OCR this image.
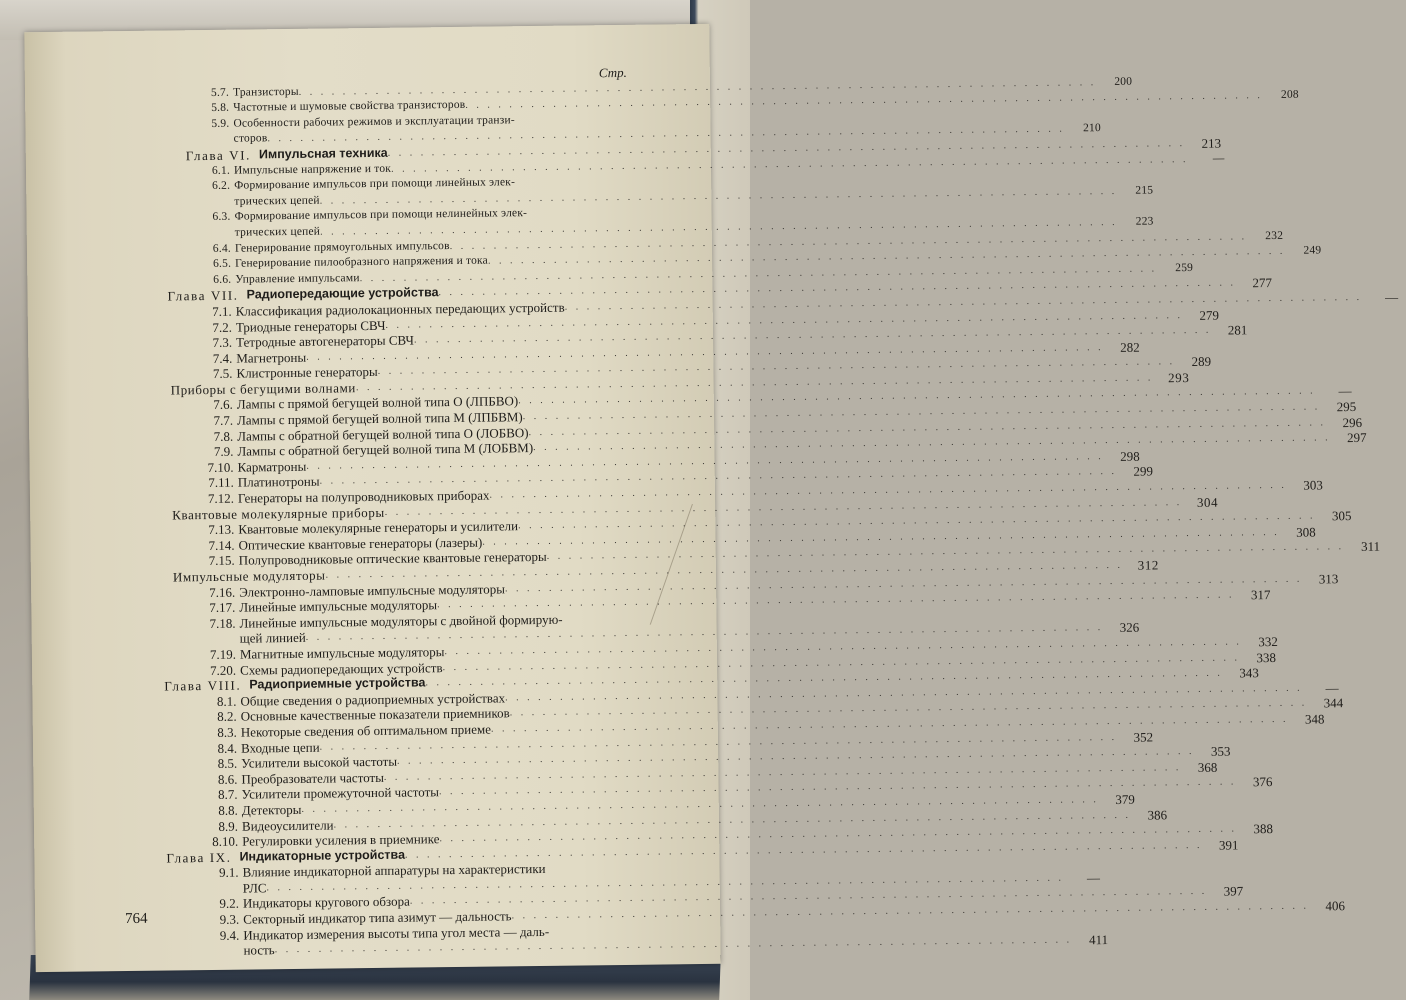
Стр.
5.7. Транзисторы
. . .
200
5.8. Частотные и шумовые свойства транзисторов
. . .
208
5.9. Особенности рабочих режимов и эксплуатации транзи-
сторов
. . .
210
Глава VI. Импульсная техника
. . .
213
6.1. Импульсные напряжение и ток
. . .
—
6.2. Формирование импульсов при помощи линейных элек-
трических цепей
. . .
215
6.3. Формирование импульсов при помощи нелинейных элек-
трических цепей
. . .
223
6.4. Генерирование прямоугольных импульсов
. . .
232
6.5. Генерирование пилообразного напряжения и тока
. . .
249
6.6. Управление импульсами
. . .
259
Глава VII. Радиопередающие устройства
. . .
277
7.1. Классификация радиолокационных передающих устройств
. . .
—
7.2. Триодные генераторы СВЧ
. . .
279
7.3. Тетродные автогенераторы СВЧ
. . .
281
7.4. Магнетроны
. . .
282
7.5. Клистронные генераторы
. . .
289
Приборы с бегущими волнами
. . .
293
7.6. Лампы с прямой бегущей волной типа О (ЛПБВО)
. . .
—
7.7. Лампы с прямой бегущей волной типа М (ЛПБВМ)
. . .
295
7.8. Лампы с обратной бегущей волной типа О (ЛОБВО)
. . .
296
7.9. Лампы с обратной бегущей волной типа М (ЛОБВМ)
. . .
297
7.10. Карматроны
. . .
298
7.11. Платинотроны
. . .
299
7.12. Генераторы на полупроводниковых приборах
. . .
303
Квантовые молекулярные приборы
. . .
304
7.13. Квантовые молекулярные генераторы и усилители
. . .
305
7.14. Оптические квантовые генераторы (лазеры)
. . .
308
7.15. Полупроводниковые оптические квантовые генераторы
. . .
311
Импульсные модуляторы
. . .
312
7.16. Электронно-ламповые импульсные модуляторы
. . .
313
7.17. Линейные импульсные модуляторы
. . .
317
7.18. Линейные импульсные модуляторы с двойной формирую-
щей линией
. . .
326
7.19. Магнитные импульсные модуляторы
. . .
332
7.20. Схемы радиопередающих устройств
. . .
338
Глава VIII. Радиоприемные устройства
. . .
343
8.1. Общие сведения о радиоприемных устройствах
. . .
—
8.2. Основные качественные показатели приемников
. . .
344
8.3. Некоторые сведения об оптимальном приеме
. . .
348
8.4. Входные цепи
. . .
352
8.5. Усилители высокой частоты
. . .
353
8.6. Преобразователи частоты
. . .
368
8.7. Усилители промежуточной частоты
. . .
376
8.8. Детекторы
. . .
379
8.9. Видеоусилители
. . .
386
8.10. Регулировки усиления в приемнике
. . .
388
Глава IX. Индикаторные устройства
. . .
391
9.1. Влияние индикаторной аппаратуры на характеристики
РЛС
. . .
—
9.2. Индикаторы кругового обзора
. . .
397
9.3. Секторный индикатор типа азимут — дальность
. . .
406
9.4. Индикатор измерения высоты типа угол места — даль-
ность
. . .
411
764
